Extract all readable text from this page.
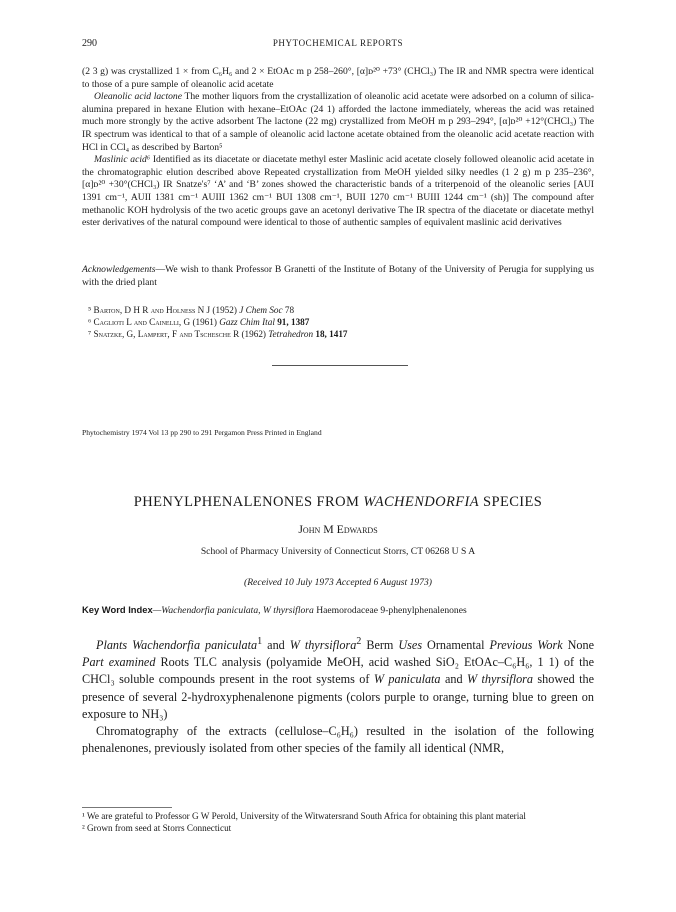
290	PHYTOCHEMICAL REPORTS

(2 3 g) was crystallized 1 × from C₆H₆ and 2 × EtOAc m p 258–260°, [α]ᴅ²⁰ +73° (CHCl₃) The IR and NMR spectra were identical to those of a pure sample of oleanolic acid acetate

Oleanolic acid lactone The mother liquors from the crystallization of oleanolic acid acetate were adsorbed on a column of silica-alumina prepared in hexane Elution with hexane–EtOAc (24 1) afforded the lactone immediately, whereas the acid was retained much more strongly by the active adsorbent The lactone (22 mg) crystallized from MeOH m p 293–294°, [α]ᴅ²⁰ +12°(CHCl₃) The IR spectrum was identical to that of a sample of oleanolic acid lactone acetate obtained from the oleanolic acid acetate reaction with HCl in CCl₄ as described by Barton⁵

Maslinic acid⁶ Identified as its diacetate or diacetate methyl ester Maslinic acid acetate closely followed oleanolic acid acetate in the chromatographic elution described above Repeated crystallization from MeOH yielded silky needles (1 2 g) m p 235–236°, [α]ᴅ²⁰ +30°(CHCl₃) IR Snatze's⁷ ‘A’ and ‘B’ zones showed the characteristic bands of a triterpenoid of the oleanolic series [AUI 1391 cm⁻¹, AUII 1381 cm⁻¹ AUIII 1362 cm⁻¹ BUI 1308 cm⁻¹, BUII 1270 cm⁻¹ BUIII 1244 cm⁻¹ (sh)] The compound after methanolic KOH hydrolysis of the two acetic groups gave an acetonyl derivative The IR spectra of the diacetate or diacetate methyl ester derivatives of the natural compound were identical to those of authentic samples of equivalent maslinic acid derivatives

Acknowledgements—We wish to thank Professor B Granetti of the Institute of Botany of the University of Perugia for supplying us with the dried plant

⁵ Barton, D H R and Holness N J (1952) J Chem Soc 78
⁶ Caglioti L and Cainelli, G (1961) Gazz Chim Ital 91, 1387
⁷ Snatzke, G, Lampert, F and Tschesche R (1962) Tetrahedron 18, 1417
Phytochemistry 1974 Vol 13 pp 290 to 291 Pergamon Press Printed in England
PHENYLPHENALENONES FROM WACHENDORFIA SPECIES
John M Edwards
School of Pharmacy University of Connecticut Storrs, CT 06268 U S A
(Received 10 July 1973 Accepted 6 August 1973)
Key Word Index—Wachendorfia paniculata, W thyrsiflora Haemorodaceae 9-phenylphenalenones

Plants Wachendorfia paniculata$^1$ and W thyrsiflora$^2$ Berm Uses Ornamental Previous Work None Part examined Roots TLC analysis (polyamide MeOH, acid washed SiO₂ EtOAc–C₆H₆, 1 1) of the CHCl₃ soluble compounds present in the root systems of W paniculata and W thyrsiflora showed the presence of several 2-hydroxyphenalenone pigments (colors purple to orange, turning blue to green on exposure to NH₃)

Chromatography of the extracts (cellulose–C₆H₆) resulted in the isolation of the following phenalenones, previously isolated from other species of the family all identical (NMR,

¹ We are grateful to Professor G W Perold, University of the Witwatersrand South Africa for obtaining this plant material
² Grown from seed at Storrs Connecticut
